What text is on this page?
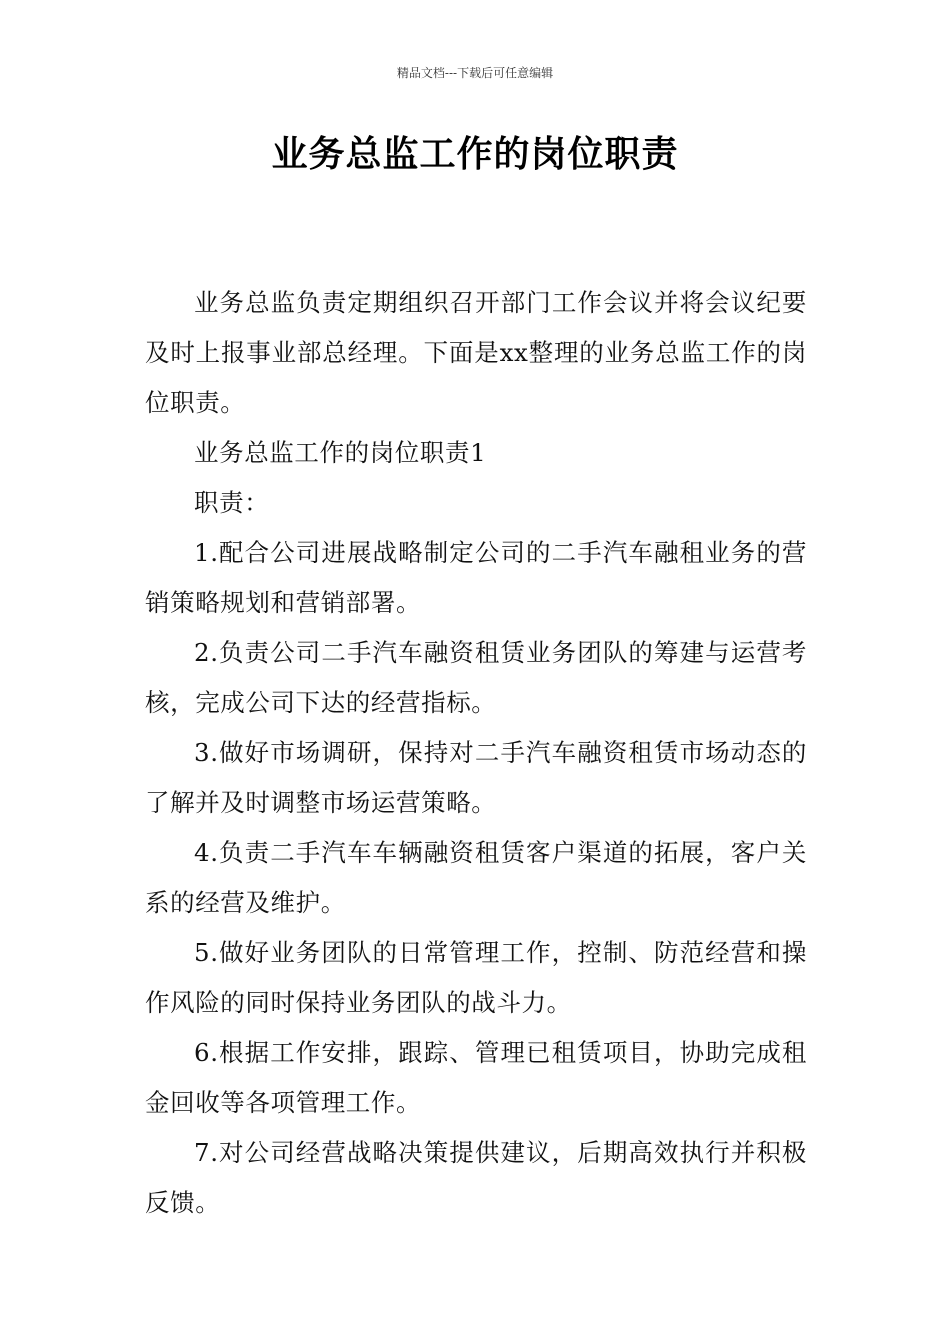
精品文档---下载后可任意编辑
业务总监工作的岗位职责

业务总监负责定期组织召开部门工作会议并将会议纪要及时上报事业部总经理。下面是xx整理的业务总监工作的岗位职责。

业务总监工作的岗位职责1

职责：

1.配合公司进展战略制定公司的二手汽车融租业务的营销策略规划和营销部署。

2.负责公司二手汽车融资租赁业务团队的筹建与运营考核，完成公司下达的经营指标。

3.做好市场调研，保持对二手汽车融资租赁市场动态的了解并及时调整市场运营策略。

4.负责二手汽车车辆融资租赁客户渠道的拓展，客户关系的经营及维护。

5.做好业务团队的日常管理工作，控制、防范经营和操作风险的同时保持业务团队的战斗力。

6.根据工作安排，跟踪、管理已租赁项目，协助完成租金回收等各项管理工作。

7.对公司经营战略决策提供建议，后期高效执行并积极反馈。
